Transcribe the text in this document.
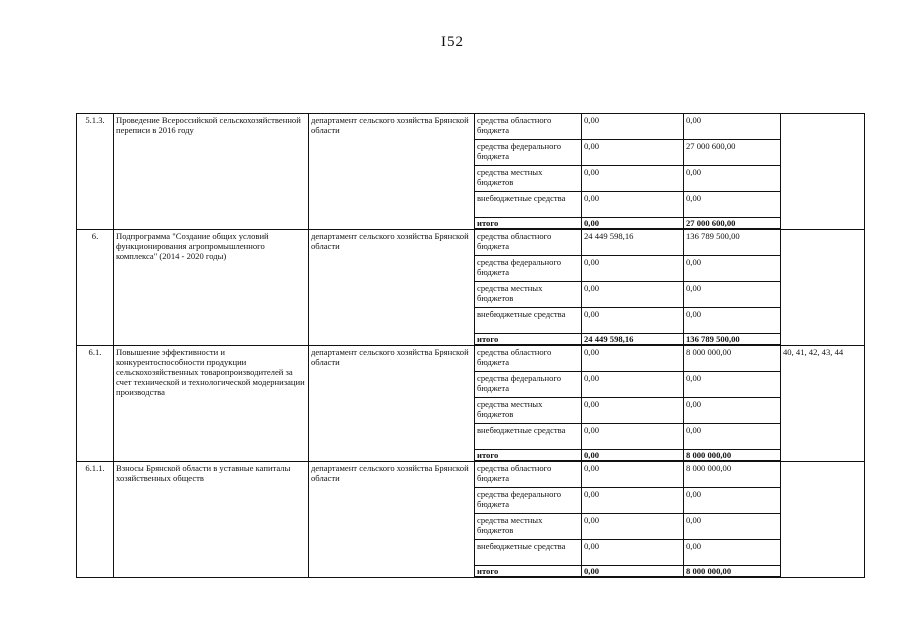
I52
5.1.3.	Проведение Всероссийской сельскохозяйственной переписи в 2016 году	департамент сельского хозяйства Брянской области	средства областного бюджета	0,00	0,00	
			средства федерального бюджета	0,00	27 000 600,00	
			средства местных бюджетов	0,00	0,00	
			внебюджетные средства	0,00	0,00	
			итого	0,00	27 000 600,00	
6.	Подпрограмма "Создание общих условий функционирования агропромышленного комплекса" (2014 - 2020 годы)	департамент сельского хозяйства Брянской области	средства областного бюджета	24 449 598,16	136 789 500,00	
			средства федерального бюджета	0,00	0,00	
			средства местных бюджетов	0,00	0,00	
			внебюджетные средства	0,00	0,00	
			итого	24 449 598,16	136 789 500,00	
6.1.	Повышение эффективности и конкурентоспособности продукции сельскохозяйственных товаропроизводителей за счет технической и технологической модернизации производства	департамент сельского хозяйства Брянской области	средства областного бюджета	0,00	8 000 000,00	40, 41, 42, 43, 44
			средства федерального бюджета	0,00	0,00	
			средства местных бюджетов	0,00	0,00	
			внебюджетные средства	0,00	0,00	
			итого	0,00	8 000 000,00	
6.1.1.	Взносы Брянской области в уставные капиталы хозяйственных обществ	департамент сельского хозяйства Брянской области	средства областного бюджета	0,00	8 000 000,00	
			средства федерального бюджета	0,00	0,00	
			средства местных бюджетов	0,00	0,00	
			внебюджетные средства	0,00	0,00	
			итого	0,00	8 000 000,00	
